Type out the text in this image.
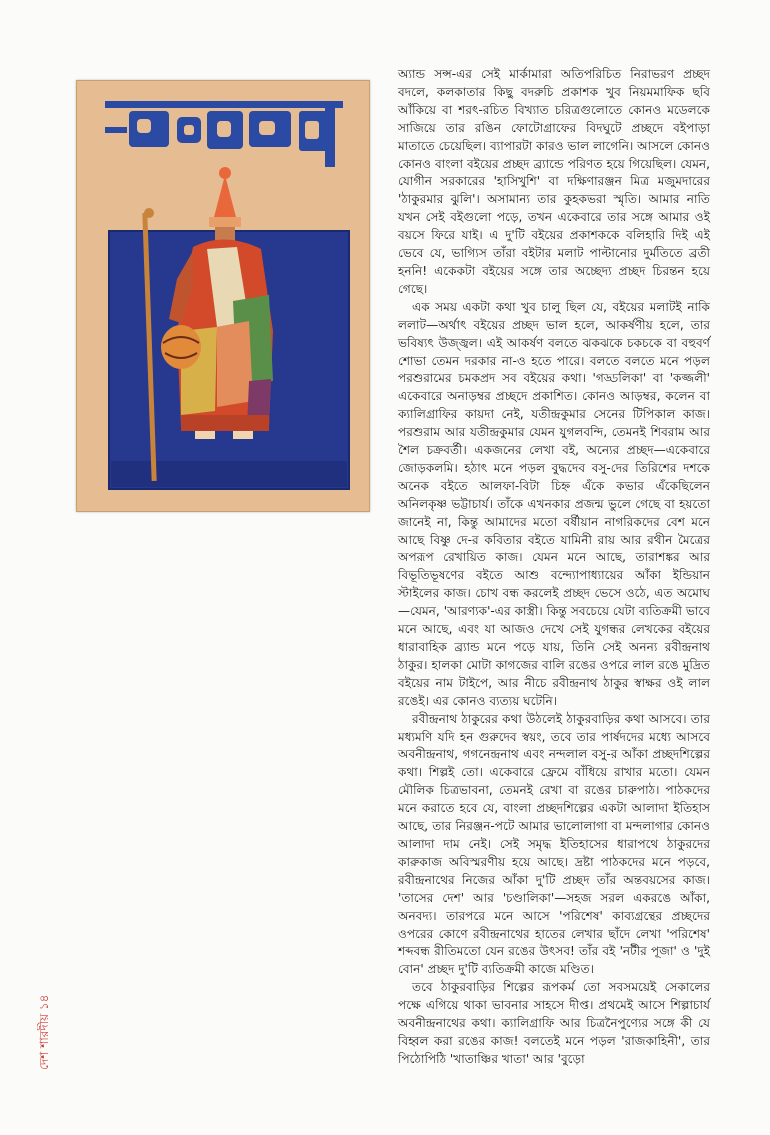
অ্যান্ড সন্স-এর সেই মার্কামারা অতিপরিচিত নিরাভরণ প্রচ্ছদ বদলে, কলকাতার কিছু বদরুচি প্রকাশক খুব নিয়মমাফিক ছবি আঁকিয়ে বা শরৎ-রচিত বিখ্যাত চরিত্রগুলোতে কোনও মডেলকে সাজিয়ে তার রঙিন ফোটোগ্রাফের বিদঘুটে প্রচ্ছদে বইপাড়া মাতাতে চেয়েছিল। ব্যাপারটা কারও ভাল লাগেনি। আসলে কোনও কোনও বাংলা বইয়ের প্রচ্ছদ ব্র্যান্ডে পরিণত হয়ে গিয়েছিল। যেমন, যোগীন সরকারের 'হাসিখুশি' বা দক্ষিণারঞ্জন মিত্র মজুমদারের 'ঠাকুরমার ঝুলি'। অসামান্য তার কুহকভরা স্মৃতি। আমার নাতি যখন সেই বইগুলো পড়ে, তখন একেবারে তার সঙ্গে আমার ওই বয়সে ফিরে যাই। এ দু'টি বইয়ের প্রকাশককে বলিহারি দিই এই ভেবে যে, ভাগ্যিস তাঁরা বইটার মলাট পাল্টানোর দুর্মতিতে ব্রতী হননি! একেকটা বইয়ের সঙ্গে তার অচ্ছেদ্য প্রচ্ছদ চিরন্তন হয়ে গেছে।

এক সময় একটা কথা খুব চালু ছিল যে, বইয়ের মলাটই নাকি ললাট—অর্থাৎ বইয়ের প্রচ্ছদ ভাল হলে, আকর্ষণীয় হলে, তার ভবিষ্যৎ উজ্জ্বল। এই আকর্ষণ বলতে ঝকঝকে চকচকে বা বহুবর্ণ শোভা তেমন দরকার না-ও হতে পারে। বলতে বলতে মনে পড়ল পরশুরামের চমকপ্রদ সব বইয়ের কথা। 'গড্ডলিকা' বা 'কজ্জলী' একেবারে অনাড়ম্বর প্রচ্ছদে প্রকাশিত। কোনও আড়ম্বর, কলেন বা ক্যালিগ্রাফির কায়দা নেই, যতীন্দ্রকুমার সেনের টিপিকাল কাজ। পরশুরাম আর যতীন্দ্রকুমার যেমন যুগলবন্দি, তেমনই শিবরাম আর শৈল চক্রবর্তী। একজনের লেখা বই, অন্যের প্রচ্ছদ—একেবারে জোড়কলমি। হঠাৎ মনে পড়ল বুদ্ধদেব বসু-দের তিরিশের দশকে অনেক বইতে আলফা-বিটা চিহ্ন এঁকে কভার এঁকেছিলেন অনিলকৃষ্ণ ভট্টাচার্য। তাঁকে এখনকার প্রজন্ম ভুলে গেছে বা হয়তো জানেই না, কিন্তু আমাদের মতো বর্ষীয়ান নাগরিকদের বেশ মনে আছে বিষ্ণু দে-র কবিতার বইতে যামিনী রায় আর রথীন মৈত্রের অপরূপ রেখায়িত কাজ। যেমন মনে আছে, তারাশঙ্কর আর বিভূতিভূষণের বইতে আশু বন্দ্যোপাধ্যায়ের আঁকা ইন্ডিয়ান স্টাইলের কাজ। চোখ বন্ধ করলেই প্রচ্ছদ ভেসে ওঠে, এত অমোঘ—যেমন, 'আরণ্যক'-এর কাস্ত্রী। কিন্তু সবচেয়ে যেটা ব্যতিক্রমী ভাবে মনে আছে, এবং যা আজও দেখে সেই যুগন্ধর লেখকের বইয়ের ধারাবাহিক ব্র্যান্ড মনে পড়ে যায়, তিনি সেই অনন্য রবীন্দ্রনাথ ঠাকুর। হালকা মোটা কাগজের বালি রঙের ওপরে লাল রঙে মুদ্রিত বইয়ের নাম টাইপে, আর নীচে রবীন্দ্রনাথ ঠাকুর স্বাক্ষর ওই লাল রঙেই। এর কোনও ব্যত্যয় ঘটেনি।

রবীন্দ্রনাথ ঠাকুরের কথা উঠলেই ঠাকুরবাড়ির কথা আসবে। তার মধ্যমণি যদি হন গুরুদেব স্বয়ং, তবে তার পার্ষদদের মধ্যে আসবে অবনীন্দ্রনাথ, গগনেন্দ্রনাথ এবং নন্দলাল বসু-র আঁকা প্রচ্ছদশিল্পের কথা। শিল্পই তো। একেবারে ফ্রেমে বাঁধিয়ে রাখার মতো। যেমন মৌলিক চিত্রভাবনা, তেমনই রেখা বা রঙের চারুপাঠ। পাঠকদের মনে করাতে হবে যে, বাংলা প্রচ্ছদশিল্পের একটা আলাদা ইতিহাস আছে, তার নিরঞ্জন-পটে আমার ভালোলাগা বা মন্দলাগার কোনও আলাদা দাম নেই। সেই সমৃদ্ধ ইতিহাসের ধারাপথে ঠাকুরদের কারুকাজ অবিস্মরণীয় হয়ে আছে। দ্রষ্টা পাঠকদের মনে পড়বে, রবীন্দ্রনাথের নিজের আঁকা দু'টি প্রচ্ছদ তাঁর অন্তবয়সের কাজ। 'তাসের দেশ' আর 'চণ্ডালিকা'—সহজ সরল একরঙে আঁকা, অনবদ্য। তারপরে মনে আসে 'পরিশেষ' কাব্যগ্রন্থের প্রচ্ছদের ওপরের কোণে রবীন্দ্রনাথের হাতের লেখার ছাঁদে লেখা 'পরিশেষ' শব্দবন্ধ রীতিমতো যেন রঙের উৎসব! তাঁর বই 'নটীর পূজা' ও 'দুই বোন' প্রচ্ছদ দু'টি ব্যতিক্রমী কাজে মণ্ডিত।

তবে ঠাকুরবাড়ির শিল্পের রূপকর্ম তো সবসময়েই সেকালের পক্ষে এগিয়ে থাকা ভাবনার সাহসে দীপ্ত। প্রথমেই আসে শিল্পাচার্য অবনীন্দ্রনাথের কথা। ক্যালিগ্রাফি আর চিত্রনৈপুণ্যের সঙ্গে কী যে বিহ্বল করা রঙের কাজ! বলতেই মনে পড়ল 'রাজকাহিনী', তার পিঠোপিঠি 'খাতাঞ্চির খাতা' আর 'বুড়ো

দেশ শারদীয় ১৪
